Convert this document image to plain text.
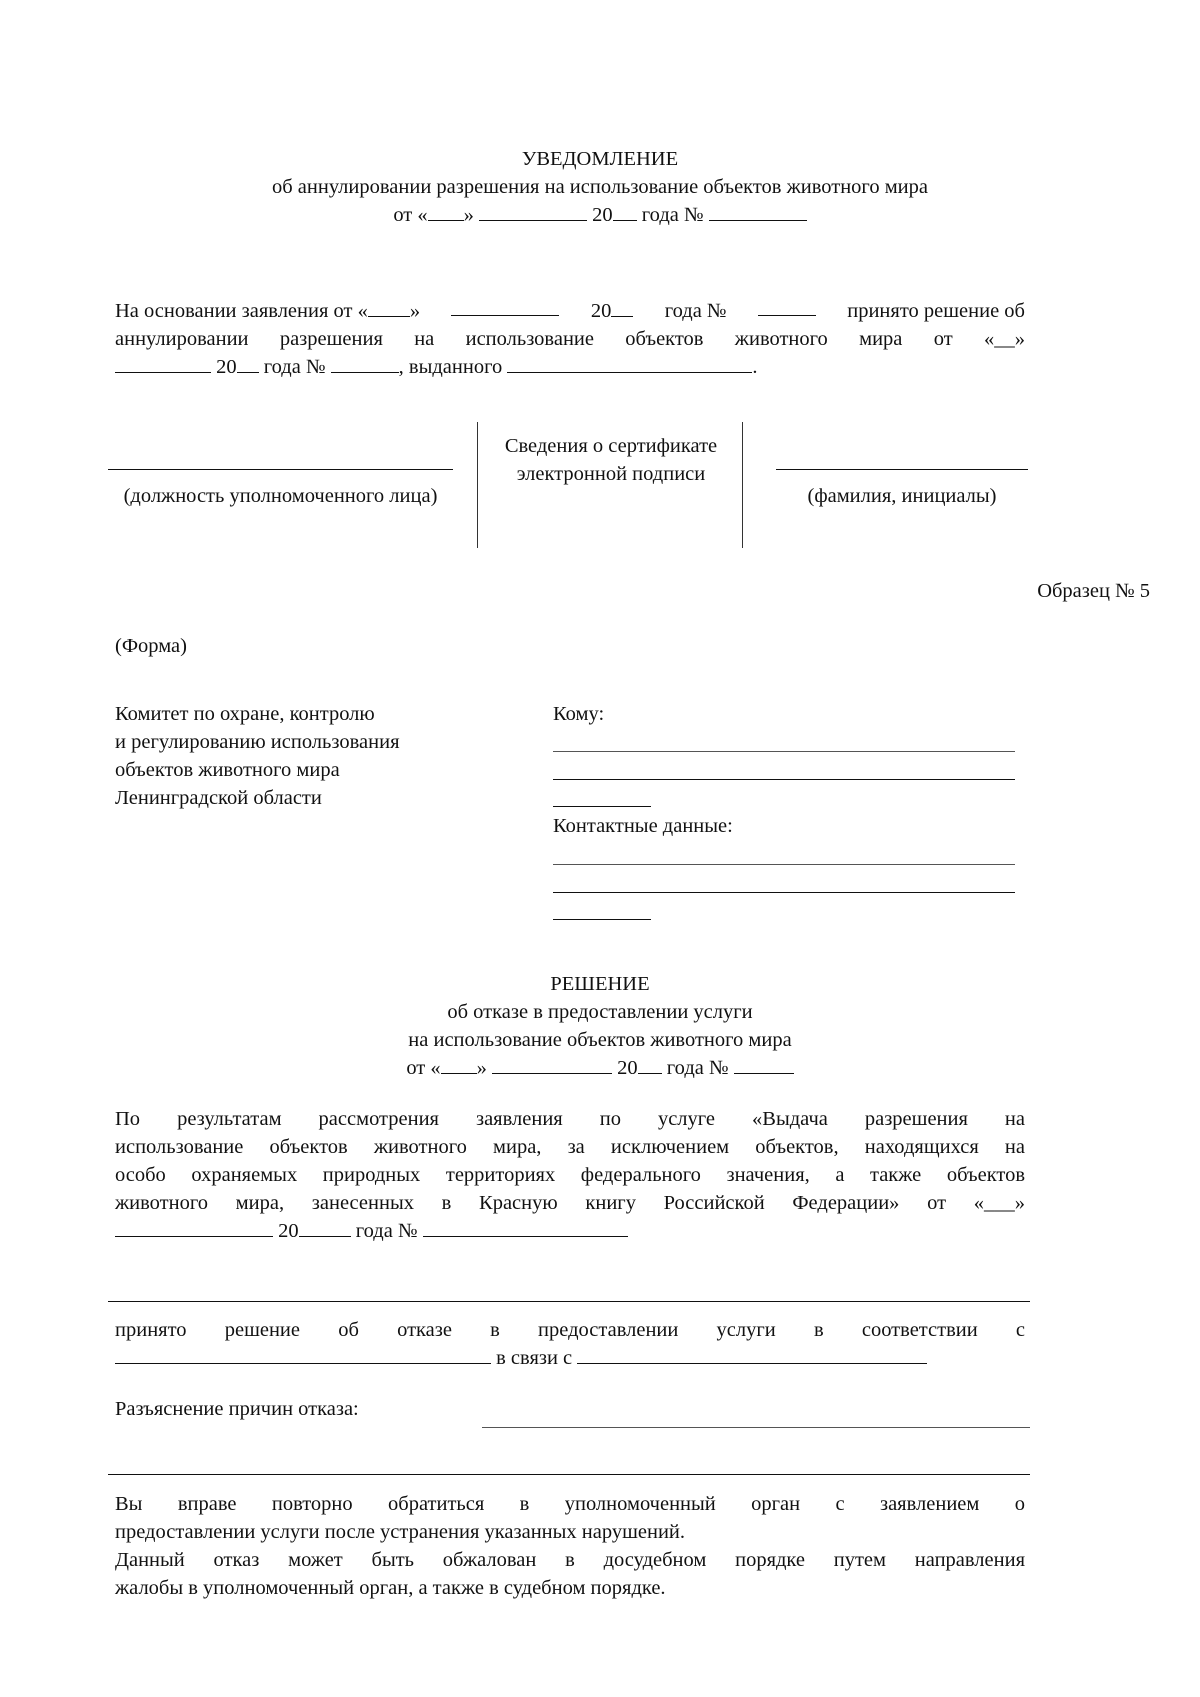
УВЕДОМЛЕНИЕ
об аннулировании разрешения на использование объектов животного мира
от « »	20 года №
На основании заявления от « »	20	года №	принято решение об
аннулировании разрешения на использование объектов животного мира от «__»
20 года №	, выданного	.
(должность уполномоченного лица)
Сведения о сертификате электронной подписи
(фамилия, инициалы)
Образец № 5
(Форма)
Комитет по охране, контролю
и регулированию использования
объектов животного мира
Ленинградской области
Кому:
Контактные данные:
РЕШЕНИЕ
об отказе в предоставлении услуги
на использование объектов животного мира
от « »	20 года №
По результатам рассмотрения заявления по услуге «Выдача разрешения на
использование объектов животного мира, за исключением объектов, находящихся на
особо охраняемых природных территориях федерального значения, а также объектов
животного мира, занесенных в Красную книгу Российской Федерации» от «___»
20	года №
принято решение об отказе в предоставлении услуги в соответствии с
в связи с
Разъяснение причин отказа:
Вы вправе повторно обратиться в уполномоченный орган с заявлением о
предоставлении услуги после устранения указанных нарушений.
Данный отказ может быть обжалован в досудебном порядке путем направления
жалобы в уполномоченный орган, а также в судебном порядке.
